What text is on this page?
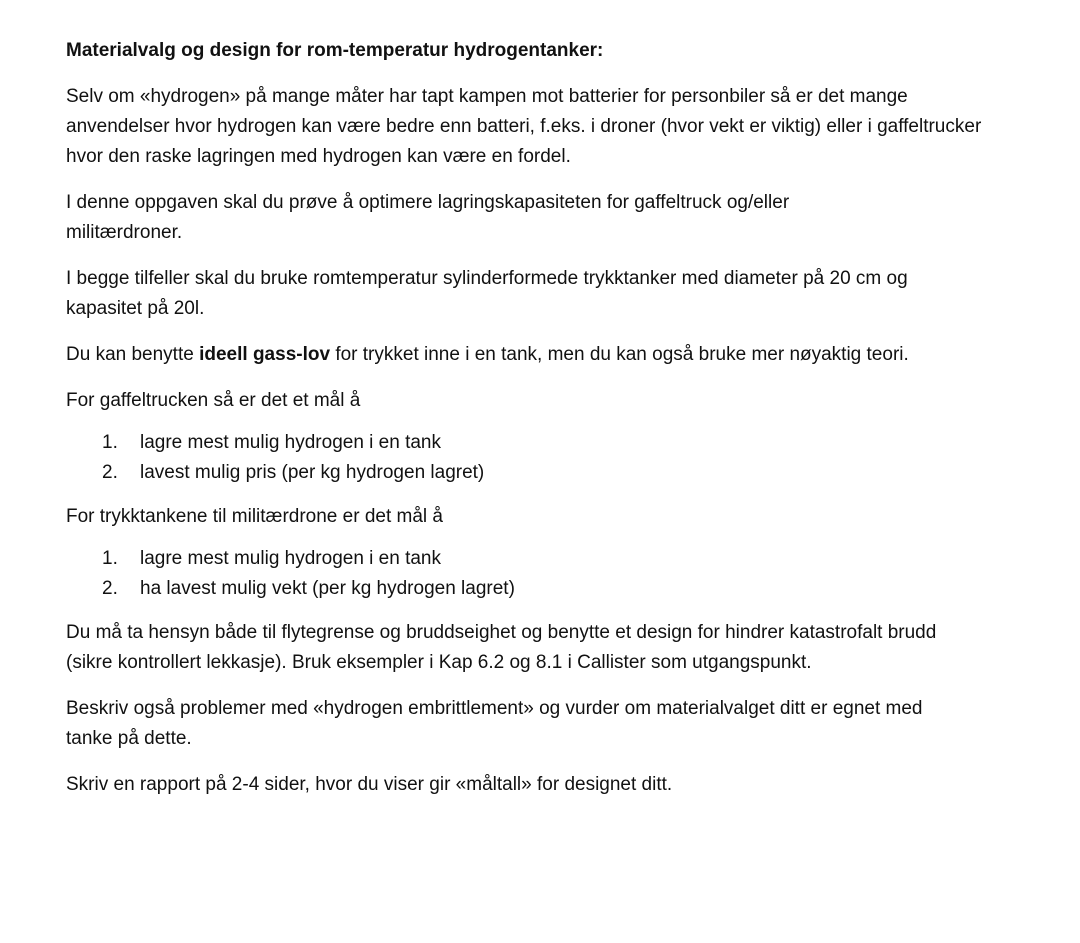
Materialvalg og design for rom-temperatur hydrogentanker:

Selv om «hydrogen» på mange måter har tapt kampen mot batterier for personbiler så er det mange anvendelser hvor hydrogen kan være bedre enn batteri, f.eks. i droner (hvor vekt er viktig) eller i gaffeltrucker hvor den raske lagringen med hydrogen kan være en fordel.

I denne oppgaven skal du prøve å optimere lagringskapasiteten for gaffeltruck og/eller militærdroner.

I begge tilfeller skal du bruke romtemperatur sylinderformede trykktanker med diameter på 20 cm og kapasitet på 20l.

Du kan benytte ideell gass-lov for trykket inne i en tank, men du kan også bruke mer nøyaktig teori.

For gaffeltrucken så er det et mål å

1.	lagre mest mulig hydrogen i en tank
2.	lavest mulig pris (per kg hydrogen lagret)

For trykktankene til militærdrone er det mål å

1.	lagre mest mulig hydrogen i en tank
2.	ha lavest mulig vekt (per kg hydrogen lagret)

Du må ta hensyn både til flytegrense og bruddseighet og benytte et design for hindrer katastrofalt brudd (sikre kontrollert lekkasje). Bruk eksempler i Kap 6.2 og 8.1 i Callister som utgangspunkt.

Beskriv også problemer med «hydrogen embrittlement» og vurder om materialvalget ditt er egnet med tanke på dette.

Skriv en rapport på 2-4 sider, hvor du viser gir «måltall» for designet ditt.
